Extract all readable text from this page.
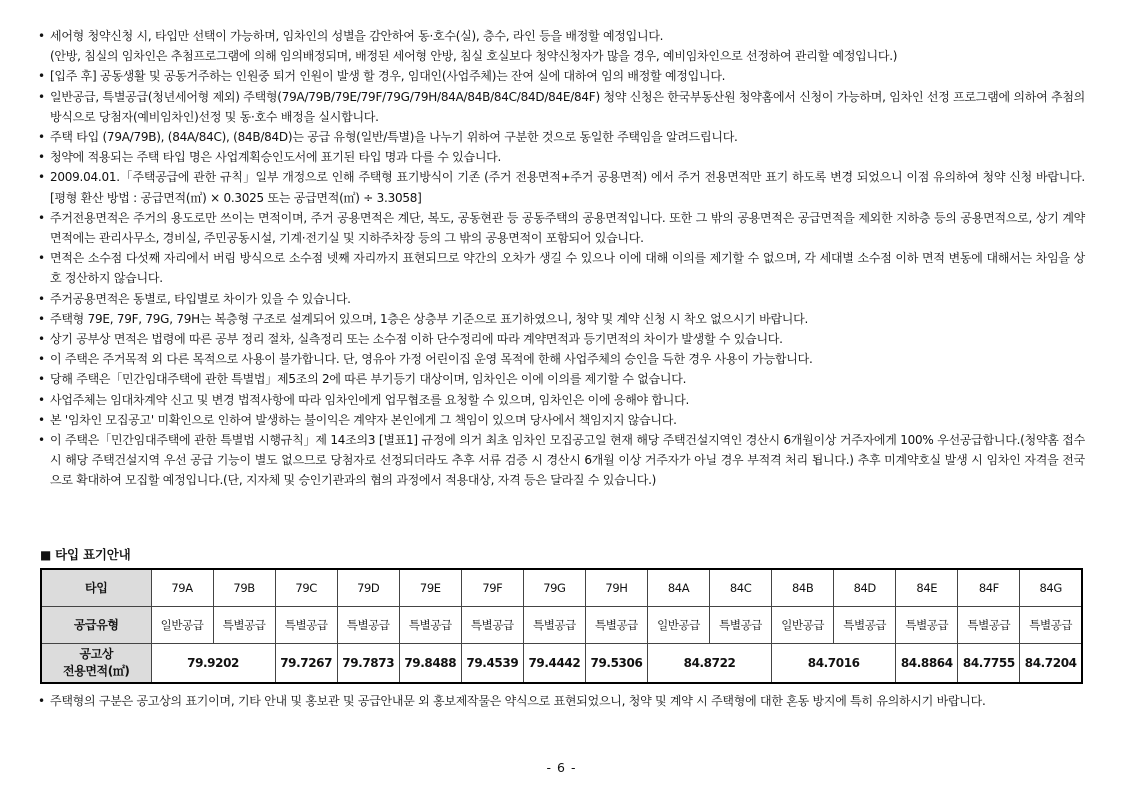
• 세어형 청약신청 시, 타입만 선택이 가능하며, 임차인의 성별을 감안하여 동·호수(실), 층수, 라인 등을 배정할 예정입니다.
(안방, 침실의 임차인은 추첨프로그램에 의해 임의배정되며, 배정된 세어형 안방, 침실 호실보다 청약신청자가 많을 경우, 예비임차인으로 선정하여 관리할 예정입니다.)
• [입주 후] 공동생활 및 공동거주하는 인원중 퇴거 인원이 발생 할 경우, 임대인(사업주체)는 잔여 실에 대하여 임의 배정할 예정입니다.
• 일반공급, 특별공급(청년세어형 제외) 주택형(79A/79B/79E/79F/79G/79H/84A/84B/84C/84D/84E/84F) 청약 신청은 한국부동산원 청약홈에서 신청이 가능하며, 임차인 선정 프로그램에 의하여 추첨의 방식으로 당첨자(예비임차인)선정 및 동·호수 배정을 실시합니다.
• 주택 타입 (79A/79B), (84A/84C), (84B/84D)는 공급 유형(일반/특별)을 나누기 위하여 구분한 것으로 동일한 주택임을 알려드립니다.
• 청약에 적용되는 주택 타입 명은 사업계획승인도서에 표기된 타입 명과 다를 수 있습니다.
• 2009.04.01.「주택공급에 관한 규칙」일부 개정으로 인해 주택형 표기방식이 기존 (주거 전용면적+주거 공용면적) 에서 주거 전용면적만 표기 하도록 변경 되었으니 이점 유의하여 청약 신청 바랍니다. [평형 환산 방법 : 공급면적(㎡) × 0.3025 또는 공급면적(㎡) ÷ 3.3058]
• 주거전용면적은 주거의 용도로만 쓰이는 면적이며, 주거 공용면적은 계단, 복도, 공동현관 등 공동주택의 공용면적입니다. 또한 그 밖의 공용면적은 공급면적을 제외한 지하층 등의 공용면적으로, 상기 계약면적에는 관리사무소, 경비실, 주민공동시설, 기계·전기실 및 지하주차장 등의 그 밖의 공용면적이 포함되어 있습니다.
• 면적은 소수점 다섯째 자리에서 버림 방식으로 소수점 넷째 자리까지 표현되므로 약간의 오차가 생길 수 있으나 이에 대해 이의를 제기할 수 없으며, 각 세대별 소수점 이하 면적 변동에 대해서는 차임을 상호 정산하지 않습니다.
• 주거공용면적은 동별로, 타입별로 차이가 있을 수 있습니다.
• 주택형 79E, 79F, 79G, 79H는 복층형 구조로 설계되어 있으며, 1층은 상층부 기준으로 표기하였으니, 청약 및 계약 신청 시 착오 없으시기 바랍니다.
• 상기 공부상 면적은 법령에 따른 공부 정리 절차, 실측정리 또는 소수점 이하 단수정리에 따라 계약면적과 등기면적의 차이가 발생할 수 있습니다.
• 이 주택은 주거목적 외 다른 목적으로 사용이 불가합니다. 단, 영유아 가정 어린이집 운영 목적에 한해 사업주체의 승인을 득한 경우 사용이 가능합니다.
• 당해 주택은「민간임대주택에 관한 특별법」제5조의 2에 따른 부기등기 대상이며, 임차인은 이에 이의를 제기할 수 없습니다.
• 사업주체는 임대차계약 신고 및 변경 법적사항에 따라 임차인에게 업무협조를 요청할 수 있으며, 임차인은 이에 응해야 합니다.
• 본 '임차인 모집공고' 미확인으로 인하여 발생하는 불이익은 계약자 본인에게 그 책임이 있으며 당사에서 책임지지 않습니다.
• 이 주택은「민간임대주택에 관한 특별법 시행규칙」제 14조의3 [별표1] 규정에 의거 최초 임차인 모집공고일 현재 해당 주택건설지역인 경산시 6개월이상 거주자에게 100% 우선공급합니다.(청약홈 접수 시 해당 주택건설지역 우선 공급 기능이 별도 없으므로 당첨자로 선정되더라도 추후 서류 검증 시 경산시 6개월 이상 거주자가 아닐 경우 부적격 처리 됩니다.) 추후 미계약호실 발생 시 임차인 자격을 전국으로 확대하여 모집할 예정입니다.(단, 지자체 및 승인기관과의 협의 과정에서 적용대상, 자격 등은 달라질 수 있습니다.)
■ 타입 표기안내
타입	79A	79B	79C	79D	79E	79F	79G	79H	84A	84C	84B	84D	84E	84F	84G
공급유형	일반공급	특별공급	특별공급	특별공급	특별공급	특별공급	특별공급	특별공급	일반공급	특별공급	일반공급	특별공급	특별공급	특별공급	특별공급
공고상
전용면적(㎡)	79.9202		79.7267	79.7873	79.8488	79.4539	79.4442	79.5306	84.8722		84.7016		84.8864	84.7755	84.7204
• 주택형의 구분은 공고상의 표기이며, 기타 안내 및 홍보관 및 공급안내문 외 홍보제작물은 약식으로 표현되었으니, 청약 및 계약 시 주택형에 대한 혼동 방지에 특히 유의하시기 바랍니다.
- 6 -
